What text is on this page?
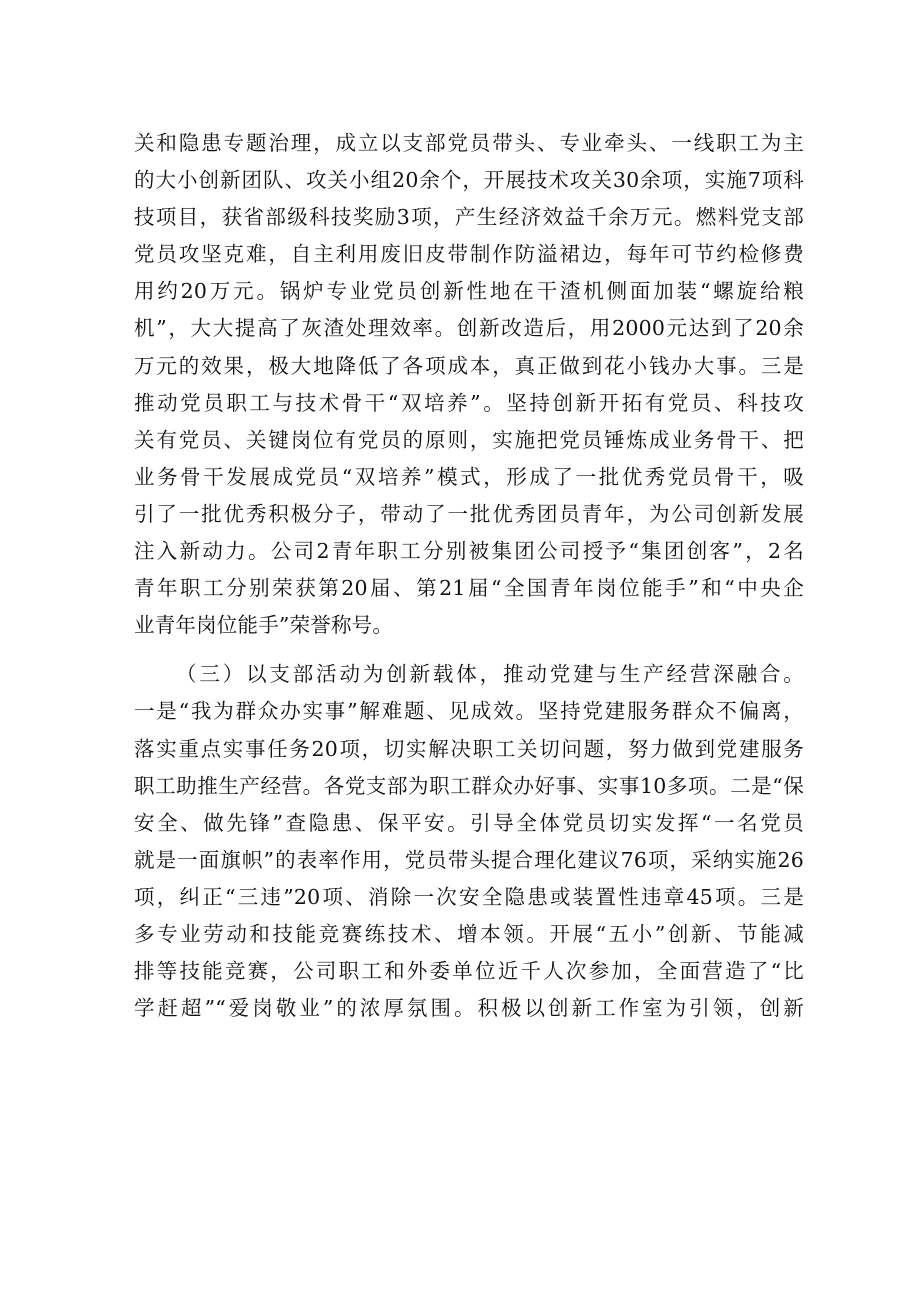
关和隐患专题治理，成立以支部党员带头、专业牵头、一线职工为主
的大小创新团队、攻关小组20余个，开展技术攻关30余项，实施7项科
技项目，获省部级科技奖励3项，产生经济效益千余万元。燃料党支部
党员攻坚克难，自主利用废旧皮带制作防溢裙边，每年可节约检修费
用约20万元。锅炉专业党员创新性地在干渣机侧面加装“螺旋给粮
机”，大大提高了灰渣处理效率。创新改造后，用2000元达到了20余
万元的效果，极大地降低了各项成本，真正做到花小钱办大事。三是
推动党员职工与技术骨干“双培养”。坚持创新开拓有党员、科技攻
关有党员、关键岗位有党员的原则，实施把党员锤炼成业务骨干、把
业务骨干发展成党员“双培养”模式，形成了一批优秀党员骨干，吸
引了一批优秀积极分子，带动了一批优秀团员青年，为公司创新发展
注入新动力。公司2青年职工分别被集团公司授予“集团创客”，2名
青年职工分别荣获第20届、第21届“全国青年岗位能手”和“中央企
业青年岗位能手”荣誉称号。
（三）以支部活动为创新载体，推动党建与生产经营深融合。
一是“我为群众办实事”解难题、见成效。坚持党建服务群众不偏离，
落实重点实事任务20项，切实解决职工关切问题，努力做到党建服务
职工助推生产经营。各党支部为职工群众办好事、实事10多项。二是“保
安全、做先锋”查隐患、保平安。引导全体党员切实发挥“一名党员
就是一面旗帜”的表率作用，党员带头提合理化建议76项，采纳实施26
项，纠正“三违”20项、消除一次安全隐患或装置性违章45项。三是
多专业劳动和技能竞赛练技术、增本领。开展“五小”创新、节能减
排等技能竞赛，公司职工和外委单位近千人次参加，全面营造了“比
学赶超”“爱岗敬业”的浓厚氛围。积极以创新工作室为引领，创新
